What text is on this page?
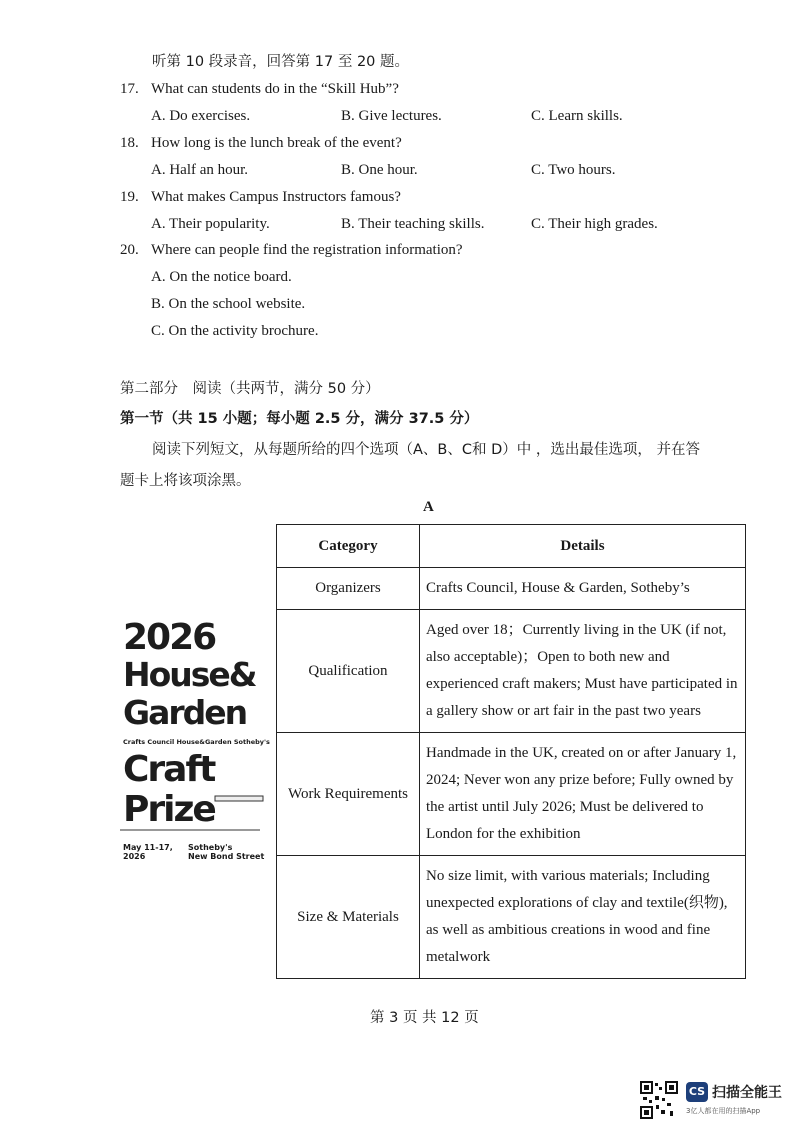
听第 10 段录音，回答第 17 至 20 题。
17. What can students do in the “Skill Hub”?
A. Do exercises.	B. Give lectures.	C. Learn skills.
18. How long is the lunch break of the event?
A. Half an hour.	B. One hour.	C. Two hours.
19. What makes Campus Instructors famous?
A. Their popularity.	B. Their teaching skills.	C. Their high grades.
20. Where can people find the registration information?
A. On the notice board.
B. On the school website.
C. On the activity brochure.
第二部分　阅读（共两节，满分 50 分）
第一节（共 15 小题；每小题 2.5 分，满分 37.5 分）
阅读下列短文，从每题所给的四个选项（A、B、C和 D）中 ，选出最佳选项， 并在答
题卡上将该项涂黑。
A
2026
House&
Garden
Crafts Council House&Garden Sotheby's
Craft
Prize
May 11-17,
2026
Sotheby's
New Bond Street
Category	Details
Organizers	Crafts Council, House & Garden, Sotheby’s
Qualification	Aged over 18；Currently living in the UK (if not, also acceptable)；Open to both new and experienced craft makers; Must have participated in a gallery show or art fair in the past two years
Work Requirements	Handmade in the UK, created on or after January 1, 2024; Never won any prize before; Fully owned by the artist until July 2026; Must be delivered to London for the exhibition
Size & Materials	No size limit, with various materials; Including unexpected explorations of clay and textile(织物), as well as ambitious creations in wood and fine metalwork
第 3 页 共 12 页
CS 扫描全能王
3亿人都在用的扫描App
